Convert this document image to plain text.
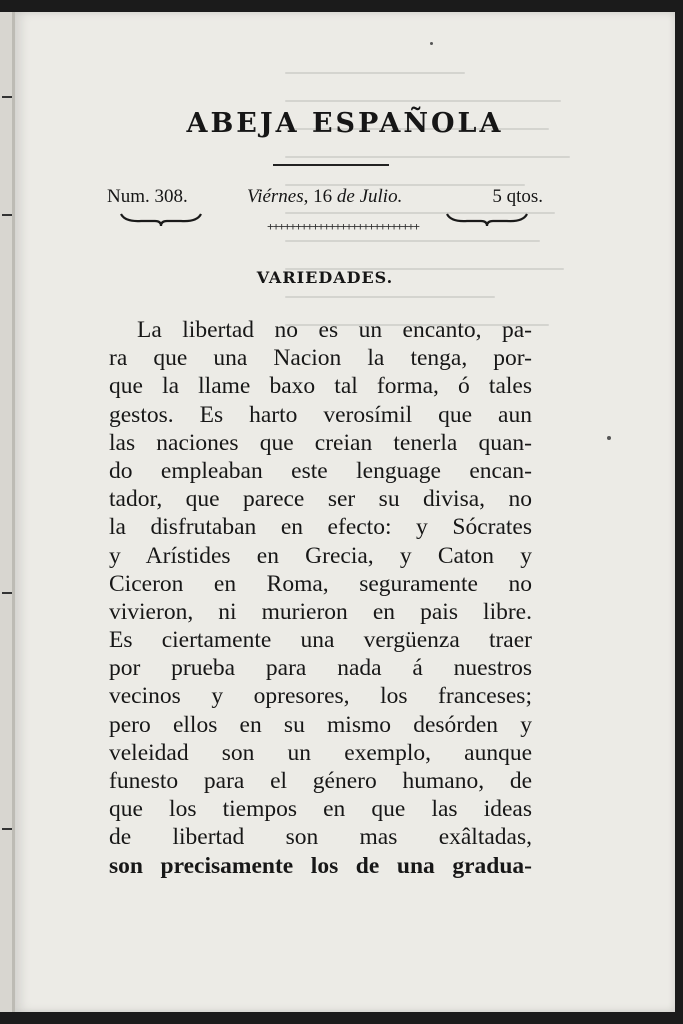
ABEJA ESPAÑOLA
Num. 308.	Viérnes, 16 de Julio.	5 qtos.
+++++++++++++++++++++++++++
VARIEDADES.
La libertad no es un encanto, pa-
ra que una Nacion la tenga, por-
que la llame baxo tal forma, ó tales
gestos. Es harto verosímil que aun
las naciones que creian tenerla quan-
do empleaban este lenguage encan-
tador, que parece ser su divisa, no
la disfrutaban en efecto: y Sócrates
y Arístides en Grecia, y Caton y
Ciceron en Roma, seguramente no
vivieron, ni murieron en pais libre.
Es ciertamente una vergüenza traer
por prueba para nada á nuestros
vecinos y opresores, los franceses;
pero ellos en su mismo desórden y
veleidad son un exemplo, aunque
funesto para el género humano, de
que los tiempos en que las ideas
de libertad son mas exâltadas,
son precisamente los de una gradua-
